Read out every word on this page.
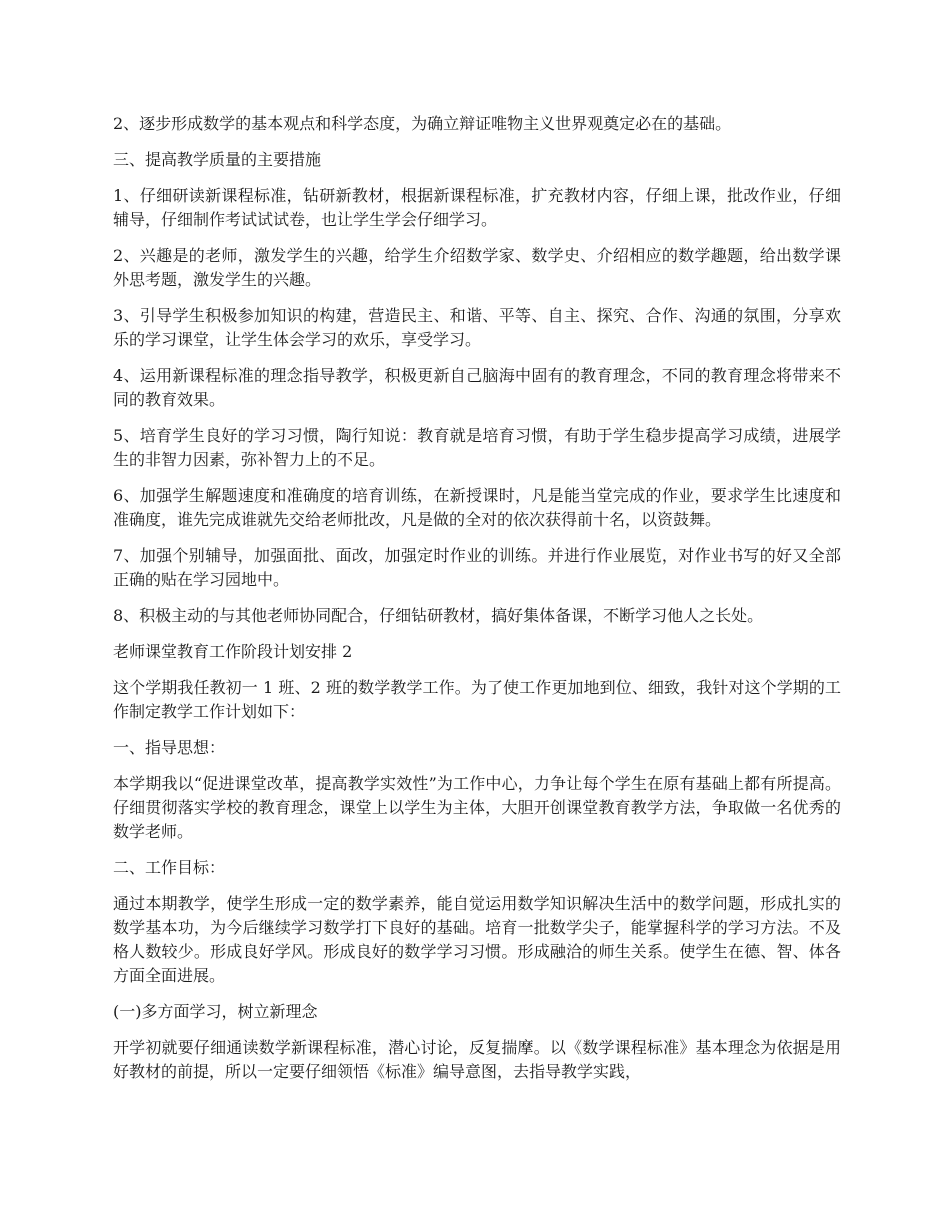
2、逐步形成数学的基本观点和科学态度，为确立辩证唯物主义世界观奠定必在的基础。

三、提高教学质量的主要措施

1、仔细研读新课程标准，钻研新教材，根据新课程标准，扩充教材内容，仔细上课，批改作业，仔细辅导，仔细制作考试试试卷，也让学生学会仔细学习。

2、兴趣是的老师，激发学生的兴趣，给学生介绍数学家、数学史、介绍相应的数学趣题，给出数学课外思考题，激发学生的兴趣。

3、引导学生积极参加知识的构建，营造民主、和谐、平等、自主、探究、合作、沟通的氛围，分享欢乐的学习课堂，让学生体会学习的欢乐，享受学习。

4、运用新课程标准的理念指导教学，积极更新自己脑海中固有的教育理念，不同的教育理念将带来不同的教育效果。

5、培育学生良好的学习习惯，陶行知说：教育就是培育习惯，有助于学生稳步提高学习成绩，进展学生的非智力因素，弥补智力上的不足。

6、加强学生解题速度和准确度的培育训练，在新授课时，凡是能当堂完成的作业，要求学生比速度和准确度，谁先完成谁就先交给老师批改，凡是做的全对的依次获得前十名，以资鼓舞。

7、加强个别辅导，加强面批、面改，加强定时作业的训练。并进行作业展览，对作业书写的好又全部正确的贴在学习园地中。

8、积极主动的与其他老师协同配合，仔细钻研教材，搞好集体备课，不断学习他人之长处。

老师课堂教育工作阶段计划安排 2

这个学期我任教初一 1 班、2 班的数学教学工作。为了使工作更加地到位、细致，我针对这个学期的工作制定教学工作计划如下：

一、指导思想：

本学期我以“促进课堂改革，提高教学实效性”为工作中心，力争让每个学生在原有基础上都有所提高。仔细贯彻落实学校的教育理念，课堂上以学生为主体，大胆开创课堂教育教学方法，争取做一名优秀的数学老师。

二、工作目标：

通过本期教学，使学生形成一定的数学素养，能自觉运用数学知识解决生活中的数学问题，形成扎实的数学基本功，为今后继续学习数学打下良好的基础。培育一批数学尖子，能掌握科学的学习方法。不及格人数较少。形成良好学风。形成良好的数学学习习惯。形成融洽的师生关系。使学生在德、智、体各方面全面进展。

(一)多方面学习，树立新理念

开学初就要仔细通读数学新课程标准，潜心讨论，反复揣摩。以《数学课程标准》基本理念为依据是用好教材的前提，所以一定要仔细领悟《标准》编导意图，去指导教学实践，
